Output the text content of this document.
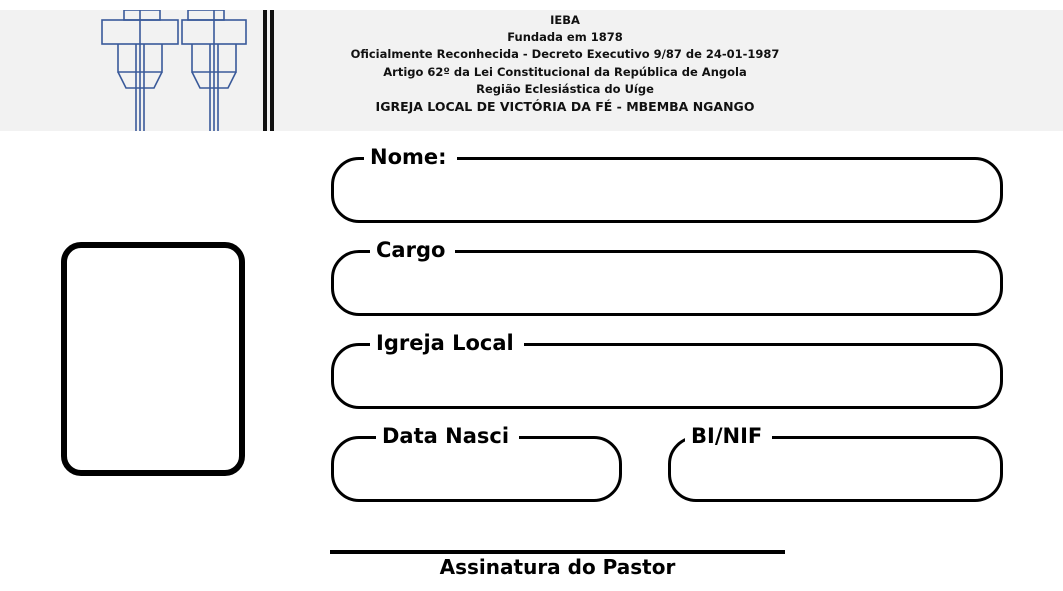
IEBA
Fundada em 1878
Oficialmente Reconhecida - Decreto Executivo 9/87 de 24-01-1987
Artigo 62º da Lei Constitucional da República de Angola
Região Eclesiástica do Uíge
IGREJA LOCAL DE VICTÓRIA DA FÉ - MBEMBA NGANGO
Nome:
Cargo
Igreja Local
Data Nasci	BI/NIF
Assinatura do Pastor
